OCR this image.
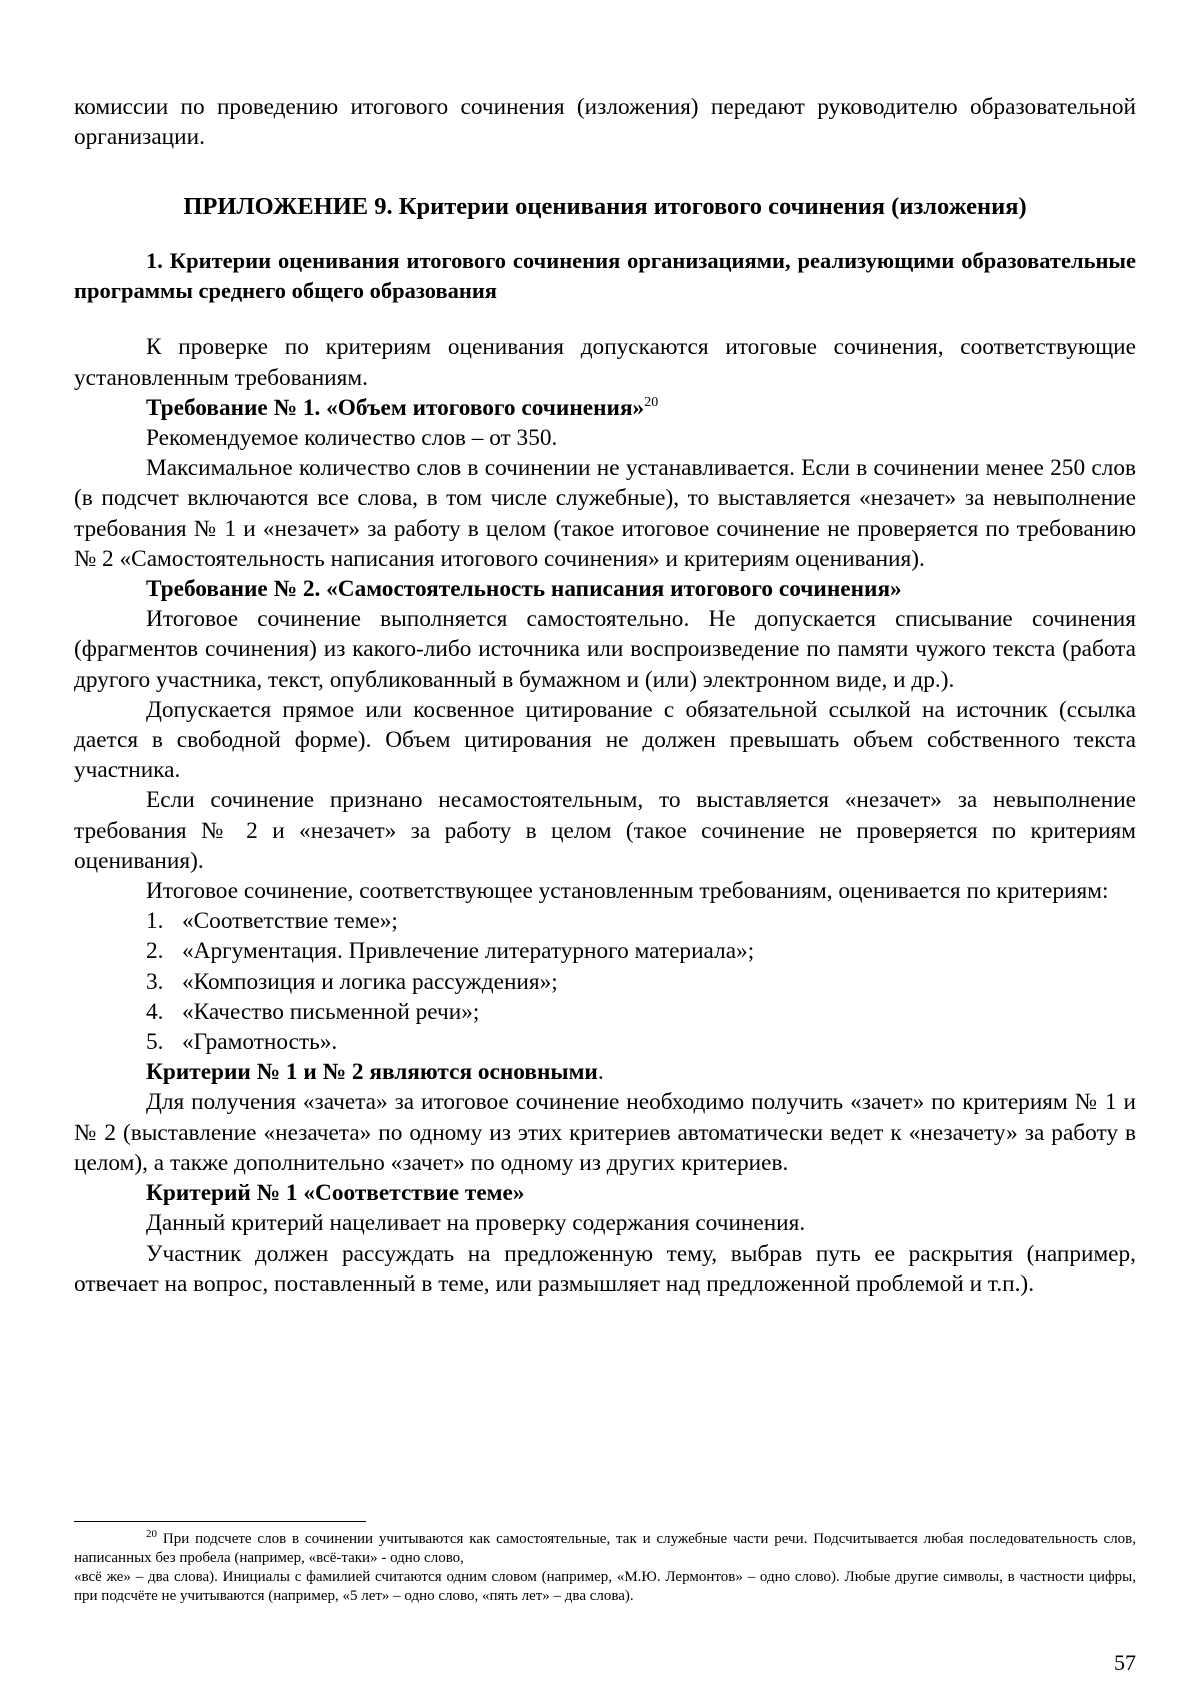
комиссии по проведению итогового сочинения (изложения) передают руководителю образовательной организации.

ПРИЛОЖЕНИЕ 9. Критерии оценивания итогового сочинения (изложения)

1. Критерии оценивания итогового сочинения организациями, реализующими образовательные программы среднего общего образования

К проверке по критериям оценивания допускаются итоговые сочинения, соответствующие установленным требованиям.

Требование № 1. «Объем итогового сочинения»$^{20}$

Рекомендуемое количество слов – от 350.

Максимальное количество слов в сочинении не устанавливается. Если в сочинении менее 250 слов (в подсчет включаются все слова, в том числе служебные), то выставляется «незачет» за невыполнение требования № 1 и «незачет» за работу в целом (такое итоговое сочинение не проверяется по требованию № 2 «Самостоятельность написания итогового сочинения» и критериям оценивания).

Требование № 2. «Самостоятельность написания итогового сочинения»

Итоговое сочинение выполняется самостоятельно. Не допускается списывание сочинения (фрагментов сочинения) из какого-либо источника или воспроизведение по памяти чужого текста (работа другого участника, текст, опубликованный в бумажном и (или) электронном виде, и др.).

Допускается прямое или косвенное цитирование с обязательной ссылкой на источник (ссылка дается в свободной форме). Объем цитирования не должен превышать объем собственного текста участника.

Если сочинение признано несамостоятельным, то выставляется «незачет» за невыполнение требования № 2 и «незачет» за работу в целом (такое сочинение не проверяется по критериям оценивания).

Итоговое сочинение, соответствующее установленным требованиям, оценивается по критериям:

1. «Соответствие теме»;
2. «Аргументация. Привлечение литературного материала»;
3. «Композиция и логика рассуждения»;
4. «Качество письменной речи»;
5. «Грамотность».

Критерии № 1 и № 2 являются основными.

Для получения «зачета» за итоговое сочинение необходимо получить «зачет» по критериям № 1 и № 2 (выставление «незачета» по одному из этих критериев автоматически ведет к «незачету» за работу в целом), а также дополнительно «зачет» по одному из других критериев.

Критерий № 1 «Соответствие теме»

Данный критерий нацеливает на проверку содержания сочинения.

Участник должен рассуждать на предложенную тему, выбрав путь ее раскрытия (например, отвечает на вопрос, поставленный в теме, или размышляет над предложенной проблемой и т.п.).

$^{20}$ При подсчете слов в сочинении учитываются как самостоятельные, так и служебные части речи. Подсчитывается любая последовательность слов, написанных без пробела (например, «всё-таки» - одно слово,

«всё же» – два слова). Инициалы с фамилией считаются одним словом (например, «М.Ю. Лермонтов» – одно слово). Любые другие символы, в частности цифры, при подсчёте не учитываются (например, «5 лет» – одно слово, «пять лет» – два слова).

57
